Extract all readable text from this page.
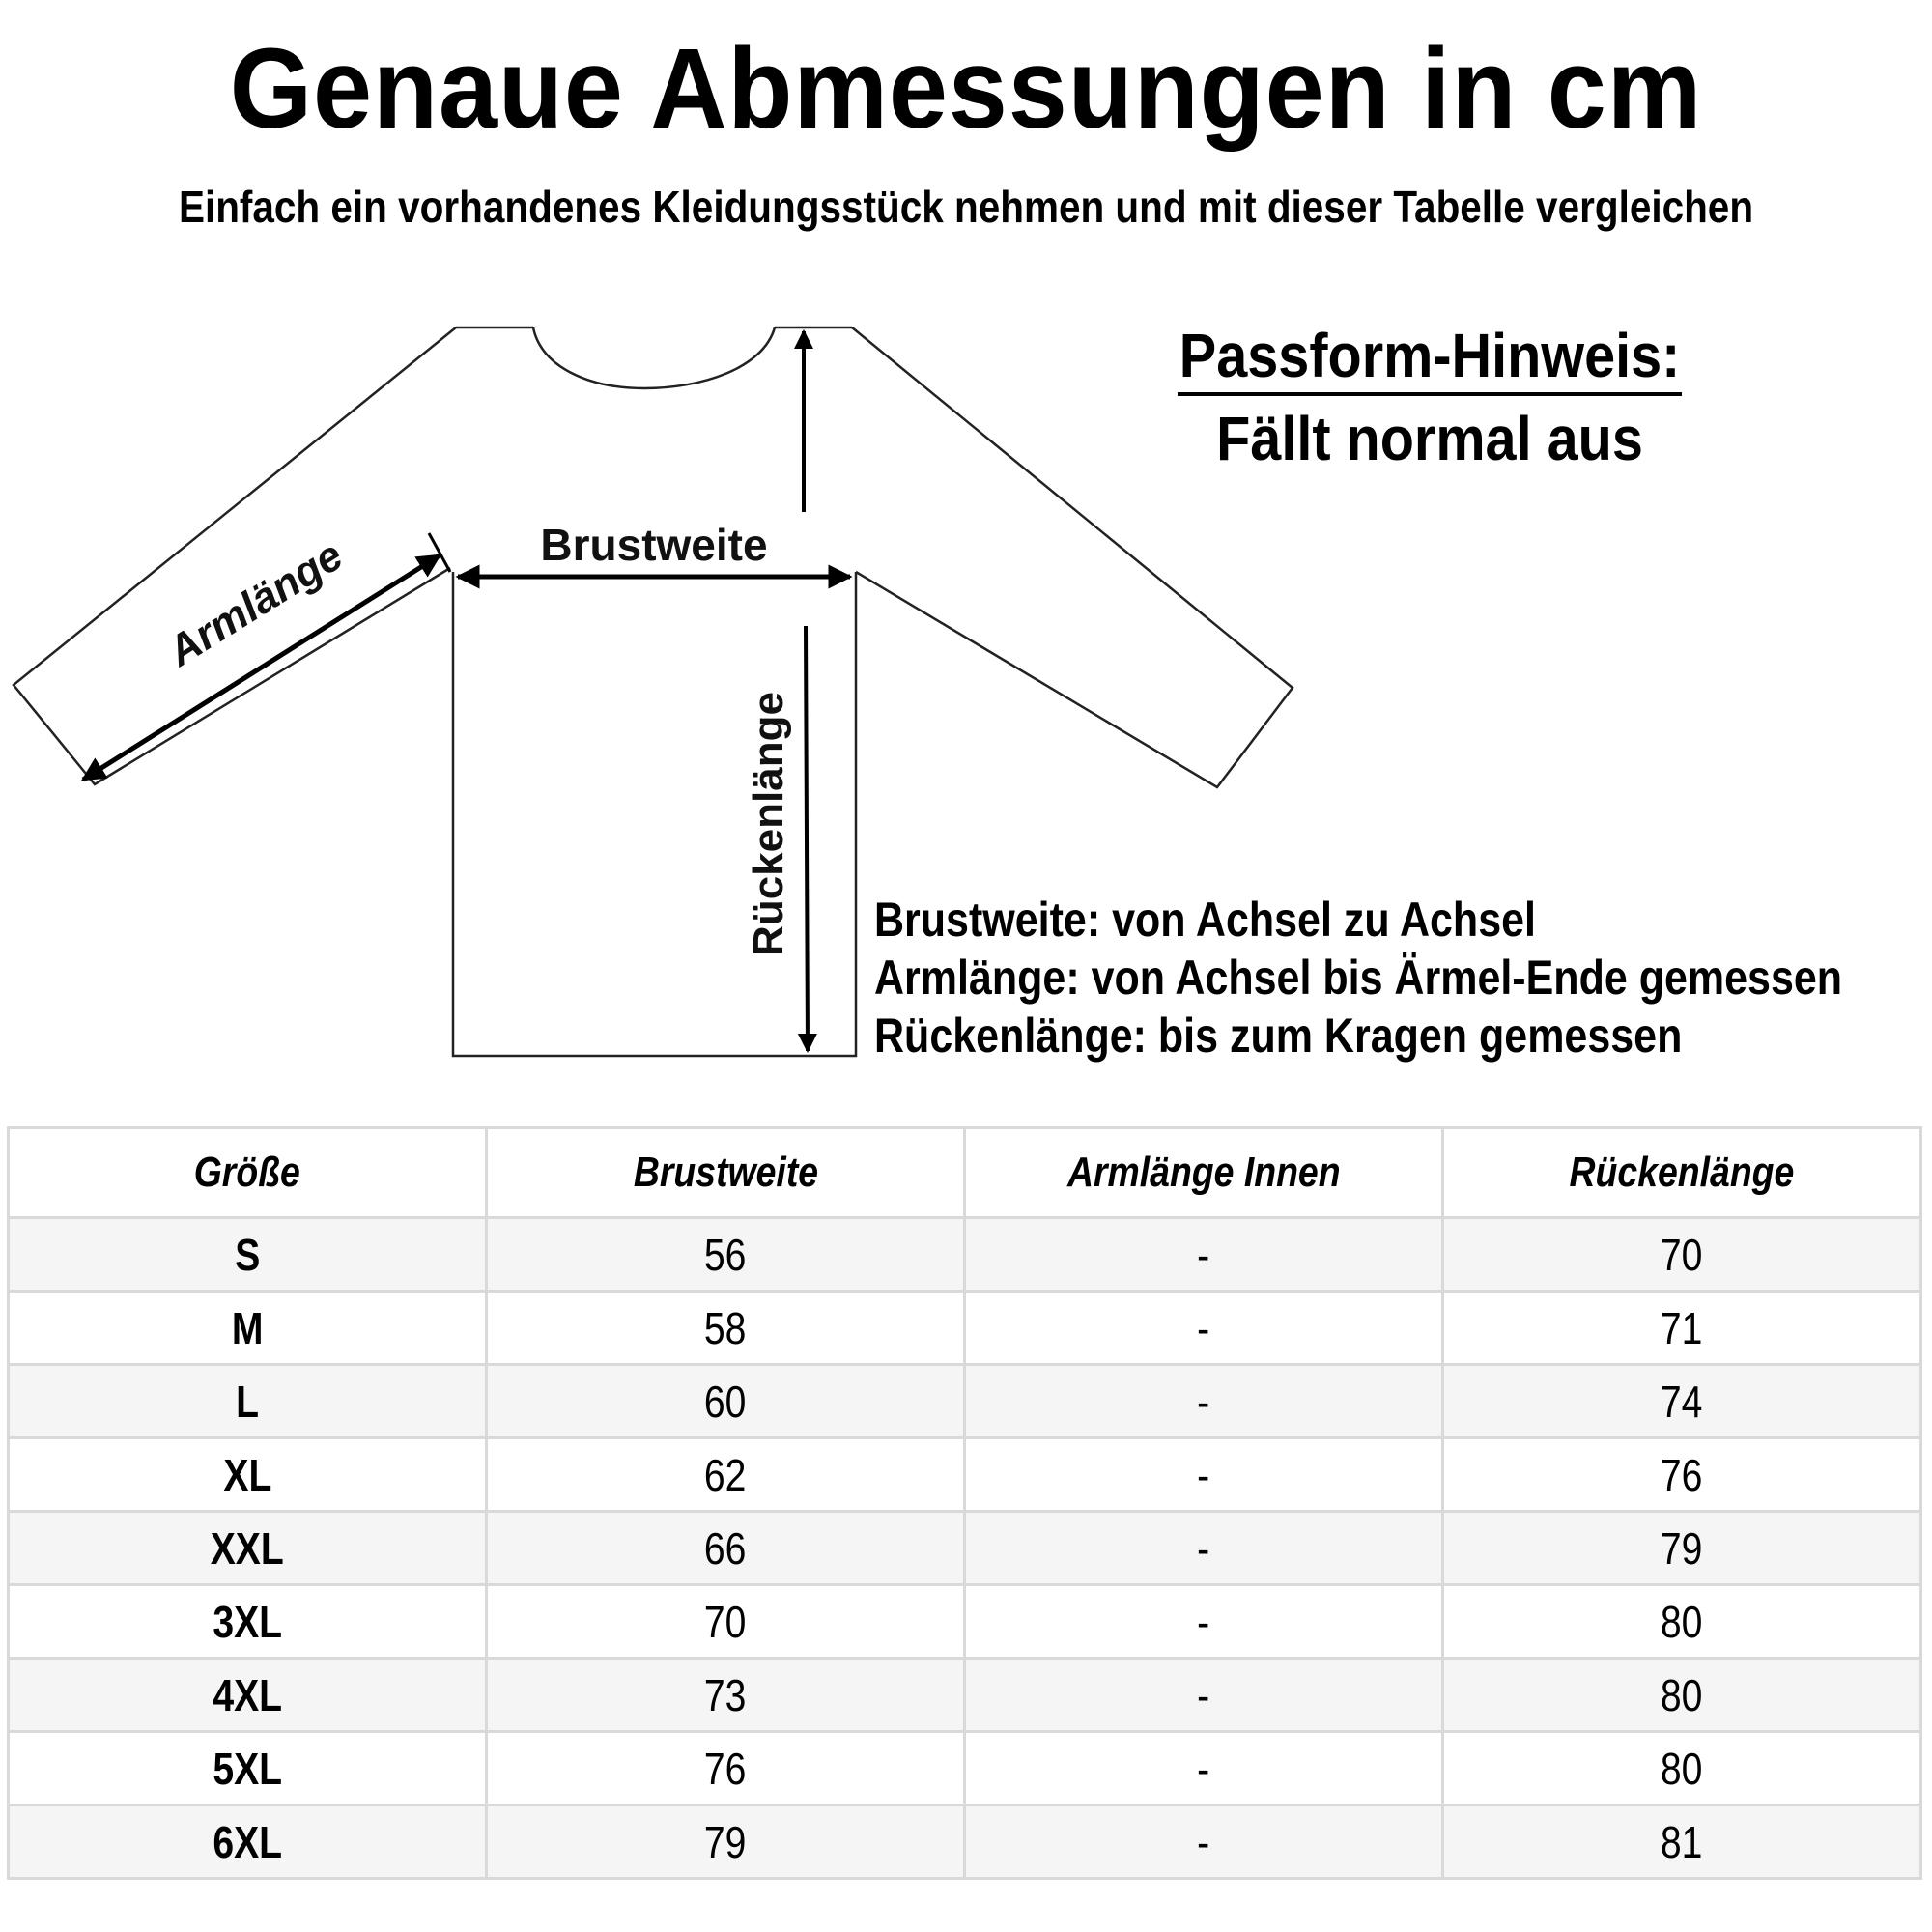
Genaue Abmessungen in cm
Einfach ein vorhandenes Kleidungsstück nehmen und mit dieser Tabelle vergleichen
Brustweite
Armlänge
Rückenlänge
Passform-Hinweis:
Fällt normal aus
Brustweite: von Achsel zu Achsel
Armlänge: von Achsel bis Ärmel-Ende gemessen
Rückenlänge: bis zum Kragen gemessen
Größe	Brustweite	Armlänge Innen	Rückenlänge
S	56	-	70
M	58	-	71
L	60	-	74
XL	62	-	76
XXL	66	-	79
3XL	70	-	80
4XL	73	-	80
5XL	76	-	80
6XL	79	-	81
